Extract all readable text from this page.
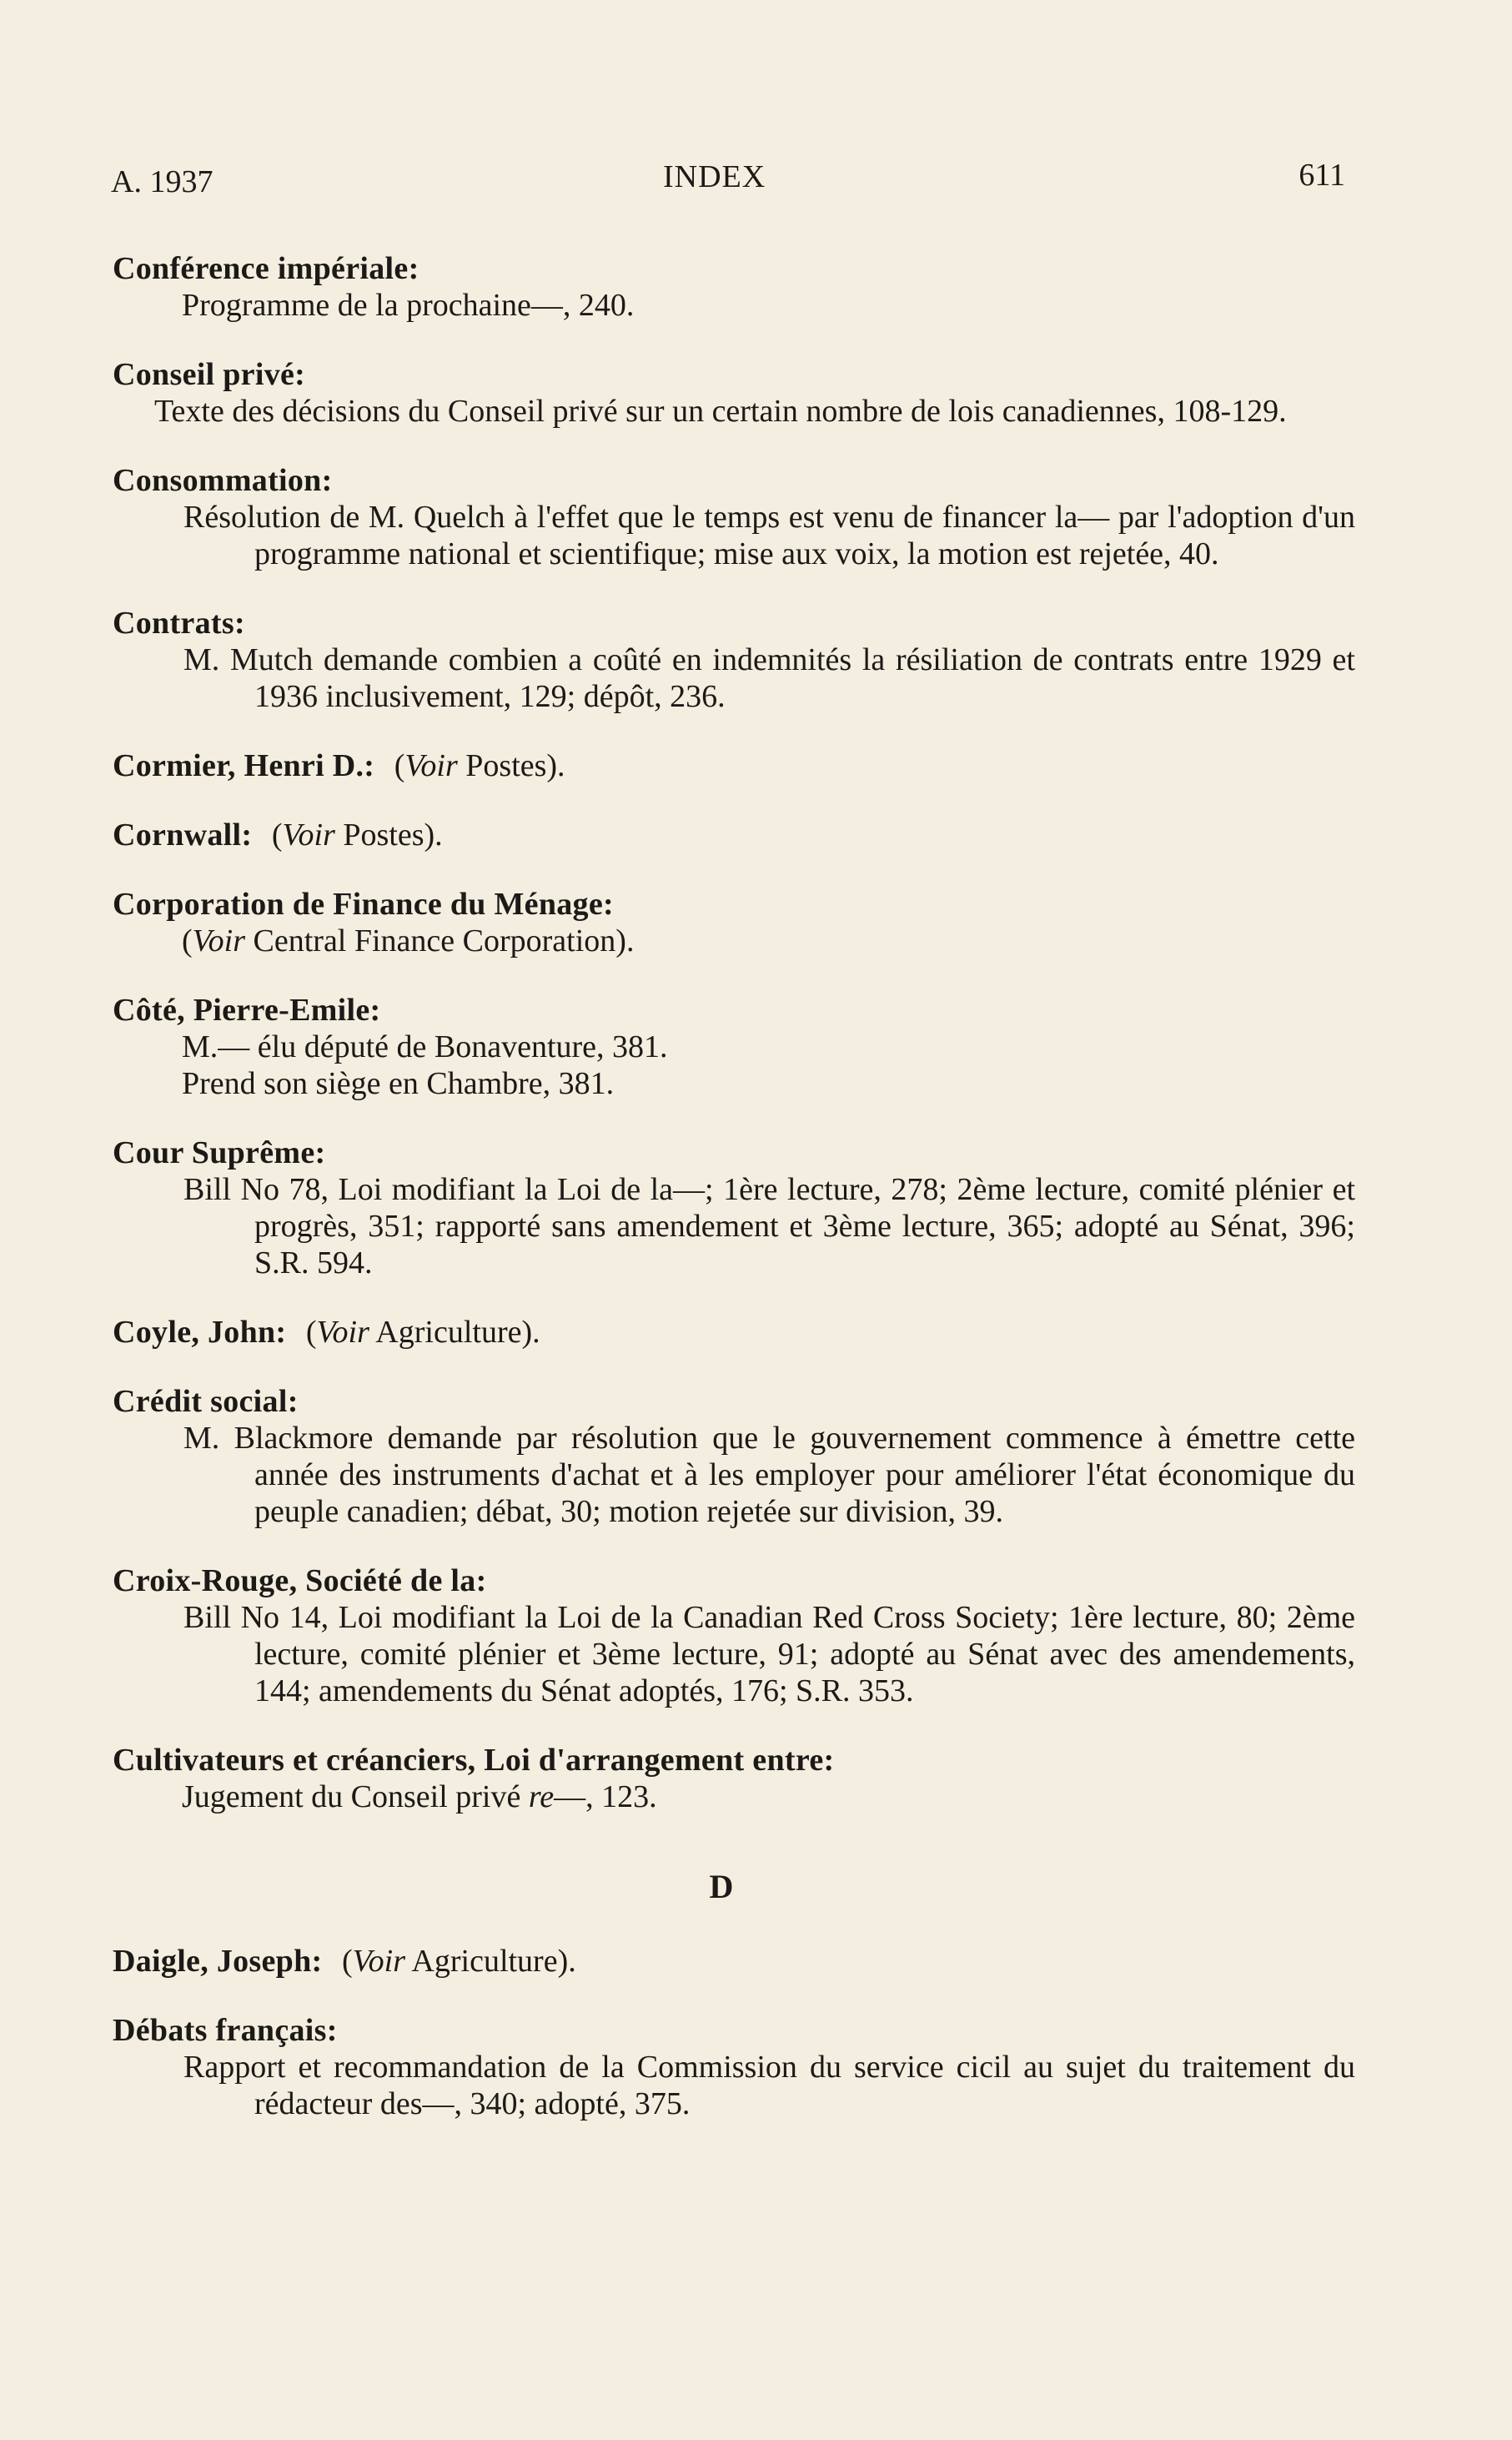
A. 1937	INDEX	611
Conférence impériale:
Programme de la prochaine—, 240.
Conseil privé:
Texte des décisions du Conseil privé sur un certain nombre de lois canadiennes, 108-129.
Consommation:
Résolution de M. Quelch à l'effet que le temps est venu de financer la— par l'adoption d'un programme national et scientifique; mise aux voix, la motion est rejetée, 40.
Contrats:
M. Mutch demande combien a coûté en indemnités la résiliation de contrats entre 1929 et 1936 inclusivement, 129; dépôt, 236.
Cormier, Henri D.: (Voir Postes).
Cornwall: (Voir Postes).
Corporation de Finance du Ménage:
(Voir Central Finance Corporation).
Côté, Pierre-Emile:
M.— élu député de Bonaventure, 381.
Prend son siège en Chambre, 381.
Cour Suprême:
Bill No 78, Loi modifiant la Loi de la—; 1ère lecture, 278; 2ème lecture, comité plénier et progrès, 351; rapporté sans amendement et 3ème lecture, 365; adopté au Sénat, 396; S.R. 594.
Coyle, John: (Voir Agriculture).
Crédit social:
M. Blackmore demande par résolution que le gouvernement commence à émettre cette année des instruments d'achat et à les employer pour améliorer l'état économique du peuple canadien; débat, 30; motion rejetée sur division, 39.
Croix-Rouge, Société de la:
Bill No 14, Loi modifiant la Loi de la Canadian Red Cross Society; 1ère lecture, 80; 2ème lecture, comité plénier et 3ème lecture, 91; adopté au Sénat avec des amendements, 144; amendements du Sénat adoptés, 176; S.R. 353.
Cultivateurs et créanciers, Loi d'arrangement entre:
Jugement du Conseil privé re—, 123.
D
Daigle, Joseph: (Voir Agriculture).
Débats français:
Rapport et recommandation de la Commission du service cicil au sujet du traitement du rédacteur des—, 340; adopté, 375.
